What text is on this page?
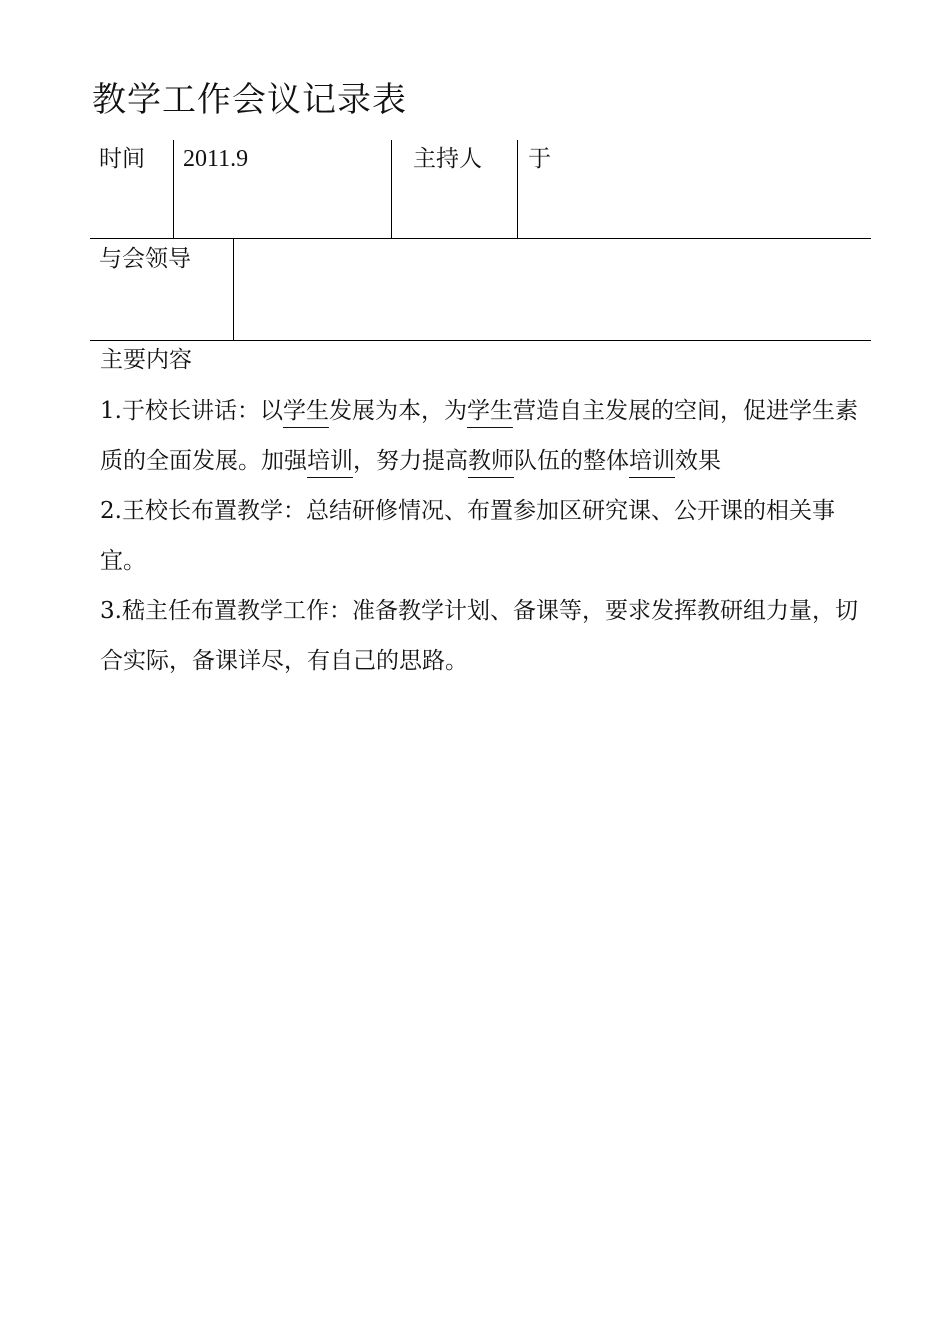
教学工作会议记录表
时间 2011.9	主持人 于
与会领导
主要内容

1.于校长讲话：以学生发展为本，为学生营造自主发展的空间，促进学生素质的全面发展。加强培训，努力提高教师队伍的整体培训效果

2.王校长布置教学：总结研修情况、布置参加区研究课、公开课的相关事宜。

3.嵇主任布置教学工作：准备教学计划、备课等，要求发挥教研组力量，切合实际，备课详尽，有自己的思路。
